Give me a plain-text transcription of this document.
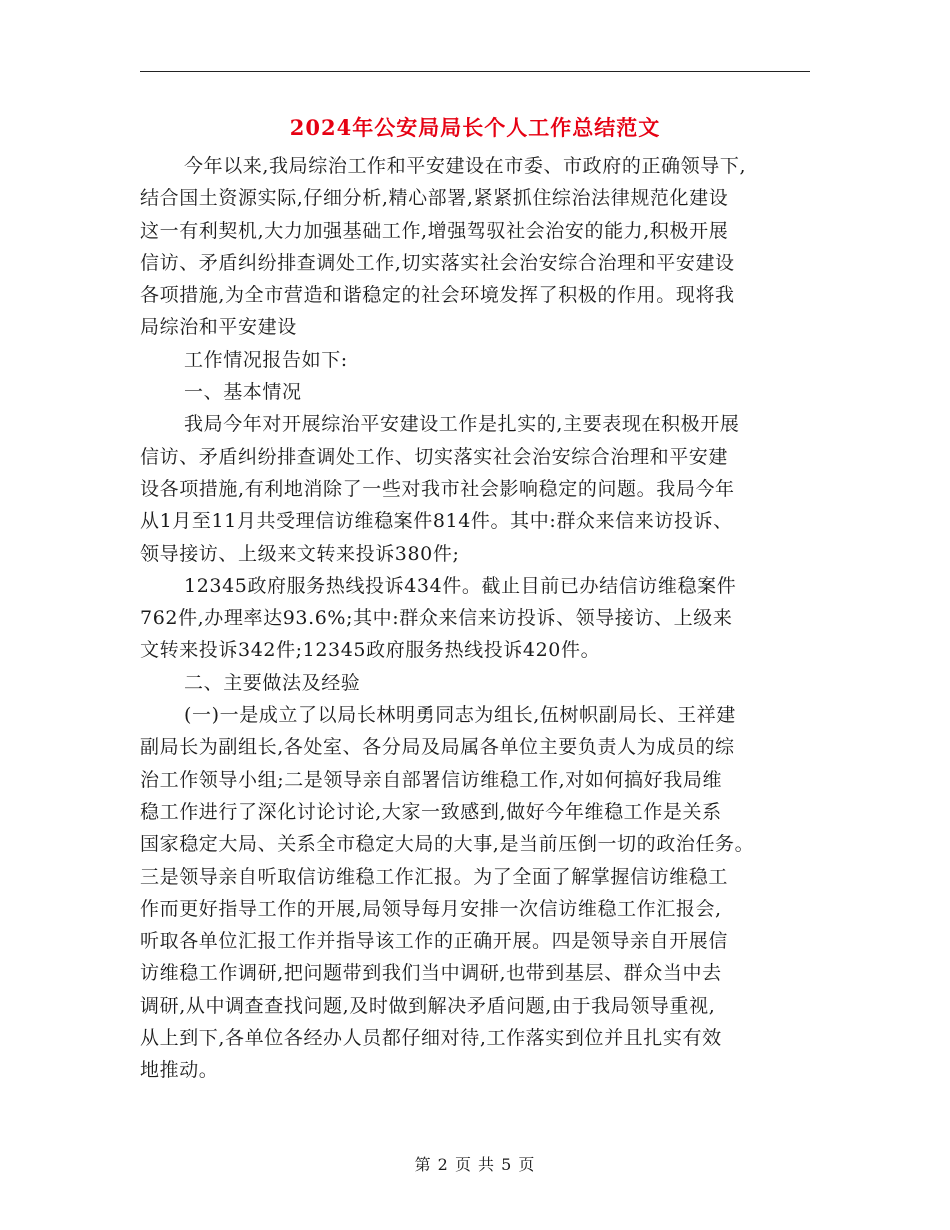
2024年公安局局长个人工作总结范文
今年以来,我局综治工作和平安建设在市委、市政府的正确领导下,
结合国土资源实际,仔细分析,精心部署,紧紧抓住综治法律规范化建设
这一有利契机,大力加强基础工作,增强驾驭社会治安的能力,积极开展
信访、矛盾纠纷排查调处工作,切实落实社会治安综合治理和平安建设
各项措施,为全市营造和谐稳定的社会环境发挥了积极的作用。现将我
局综治和平安建设
工作情况报告如下:
一、基本情况
我局今年对开展综治平安建设工作是扎实的,主要表现在积极开展
信访、矛盾纠纷排查调处工作、切实落实社会治安综合治理和平安建
设各项措施,有利地消除了一些对我市社会影响稳定的问题。我局今年
从1月至11月共受理信访维稳案件814件。其中:群众来信来访投诉、
领导接访、上级来文转来投诉380件;
12345政府服务热线投诉434件。截止目前已办结信访维稳案件
762件,办理率达93.6%;其中:群众来信来访投诉、领导接访、上级来
文转来投诉342件;12345政府服务热线投诉420件。
二、主要做法及经验
(一)一是成立了以局长林明勇同志为组长,伍树帜副局长、王祥建
副局长为副组长,各处室、各分局及局属各单位主要负责人为成员的综
治工作领导小组;二是领导亲自部署信访维稳工作,对如何搞好我局维
稳工作进行了深化讨论讨论,大家一致感到,做好今年维稳工作是关系
国家稳定大局、关系全市稳定大局的大事,是当前压倒一切的政治任务。
三是领导亲自听取信访维稳工作汇报。为了全面了解掌握信访维稳工
作而更好指导工作的开展,局领导每月安排一次信访维稳工作汇报会,
听取各单位汇报工作并指导该工作的正确开展。四是领导亲自开展信
访维稳工作调研,把问题带到我们当中调研,也带到基层、群众当中去
调研,从中调查查找问题,及时做到解决矛盾问题,由于我局领导重视,
从上到下,各单位各经办人员都仔细对待,工作落实到位并且扎实有效
地推动。
第 2 页 共 5 页
